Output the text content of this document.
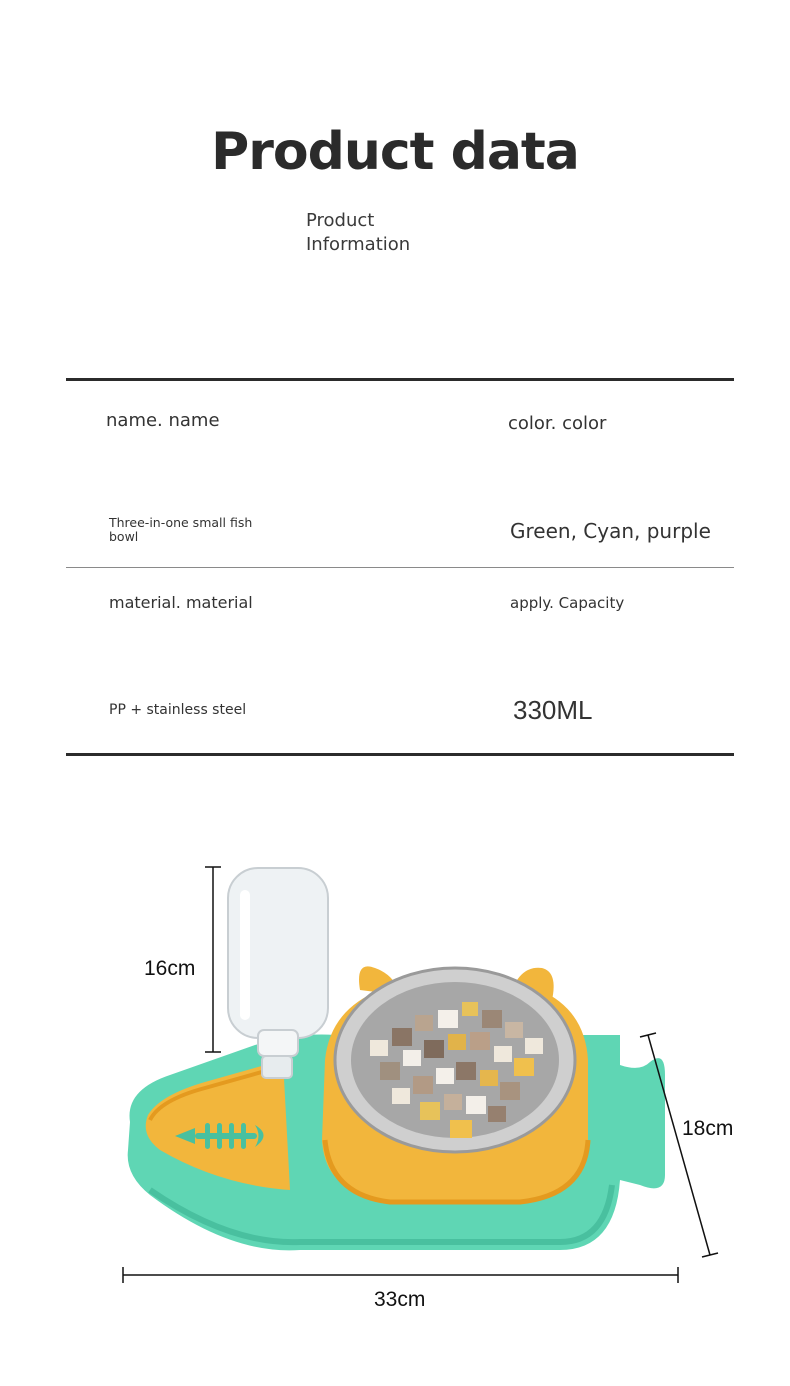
Product data
Product Information
name. name	color. color
Three-in-one small fish bowl	Green, Cyan, purple
material. material	apply. Capacity
PP + stainless steel	330ML
16cm
18cm
33cm
